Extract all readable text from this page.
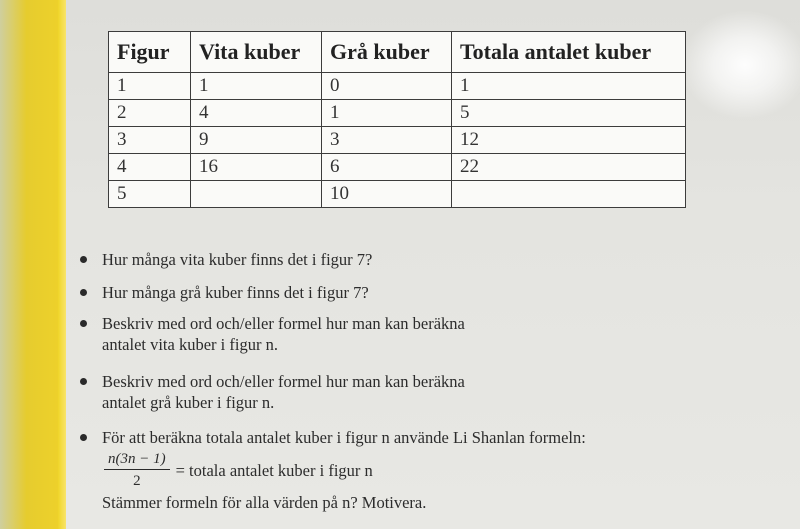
Figur	Vita kuber	Grå kuber	Totala antalet kuber
1	1	0	1
2	4	1	5
3	9	3	12
4	16	6	22
5		10	
Hur många vita kuber finns det i figur 7?
Hur många grå kuber finns det i figur 7?
Beskriv med ord och/eller formel hur man kan beräkna
antalet vita kuber i figur n.
Beskriv med ord och/eller formel hur man kan beräkna
antalet grå kuber i figur n.
För att beräkna totala antalet kuber i figur n använde Li Shanlan formeln:
$\frac{n(3n - 1)}{2}$ = totala antalet kuber i figur n
Stämmer formeln för alla värden på n? Motivera.
